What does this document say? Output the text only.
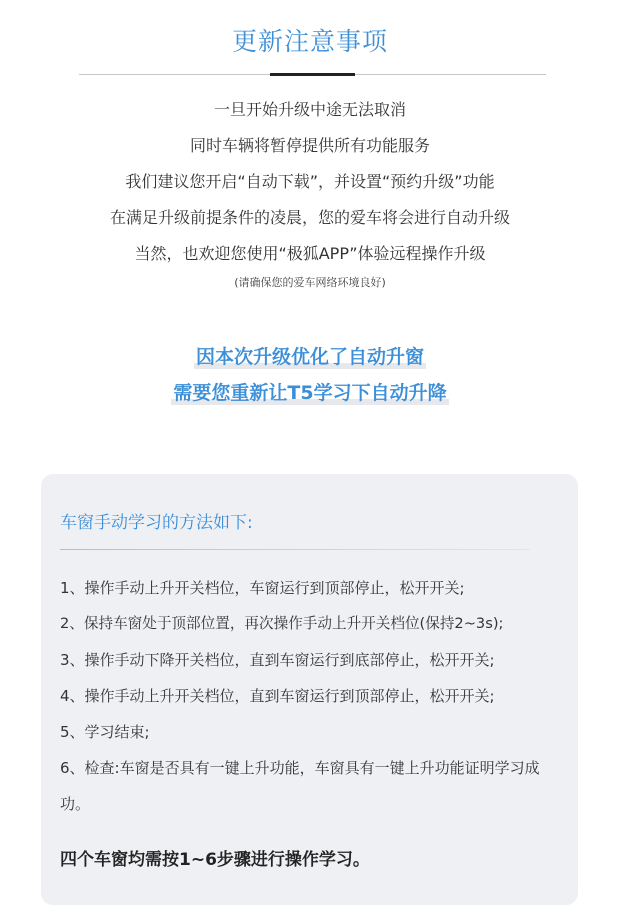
更新注意事项
一旦开始升级中途无法取消
同时车辆将暂停提供所有功能服务
我们建议您开启“自动下载”，并设置“预约升级”功能
在满足升级前提条件的凌晨，您的爱车将会进行自动升级
当然，也欢迎您使用“极狐APP”体验远程操作升级
(请确保您的爱车网络环境良好)
因本次升级优化了自动升窗
需要您重新让T5学习下自动升降
车窗手动学习的方法如下:
1、操作手动上升开关档位，车窗运行到顶部停止，松开开关;
2、保持车窗处于顶部位置，再次操作手动上升开关档位(保持2~3s);
3、操作手动下降开关档位，直到车窗运行到底部停止，松开开关;
4、操作手动上升开关档位，直到车窗运行到顶部停止，松开开关;
5、学习结束;
6、检查:车窗是否具有一键上升功能，车窗具有一键上升功能证明学习成功。
四个车窗均需按1~6步骤进行操作学习。
